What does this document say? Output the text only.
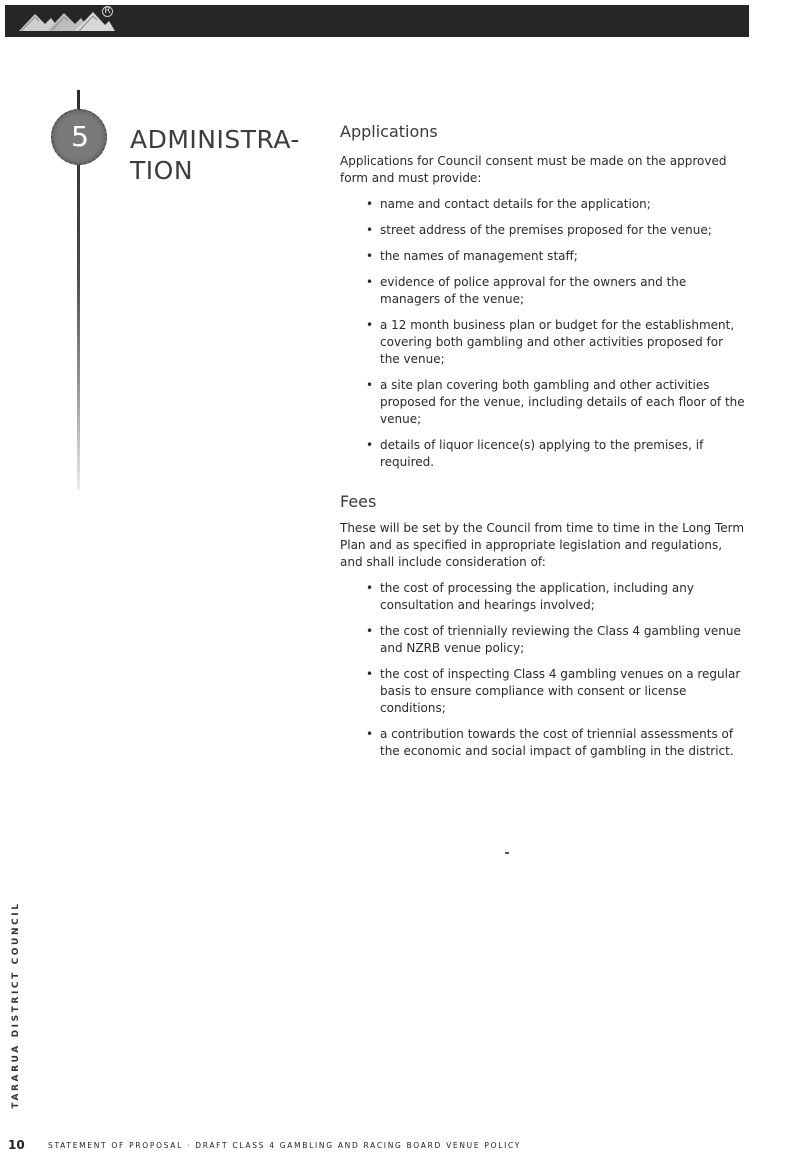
R
5	ADMINISTRA-
TION
Applications

Applications for Council consent must be made on the approved form and must provide:

• name and contact details for the application;
• street address of the premises proposed for the venue;
• the names of management staff;
• evidence of police approval for the owners and the managers of the venue;
• a 12 month business plan or budget for the establishment, covering both gambling and other activities proposed for the venue;
• a site plan covering both gambling and other activities proposed for the venue, including details of each floor of the venue;
• details of liquor licence(s) applying to the premises, if required.
Fees

These will be set by the Council from time to time in the Long Term Plan and as specified in appropriate legislation and regulations, and shall include consideration of:

• the cost of processing the application, including any consultation and hearings involved;
• the cost of triennially reviewing the Class 4 gambling venue and NZRB venue policy;
• the cost of inspecting Class 4 gambling venues on a regular basis to ensure compliance with consent or license conditions;
• a contribution towards the cost of triennial assessments of the economic and social impact of gambling in the district.
TARARUA DISTRICT COUNCIL
10	STATEMENT OF PROPOSAL · DRAFT CLASS 4 GAMBLING AND RACING BOARD VENUE POLICY
